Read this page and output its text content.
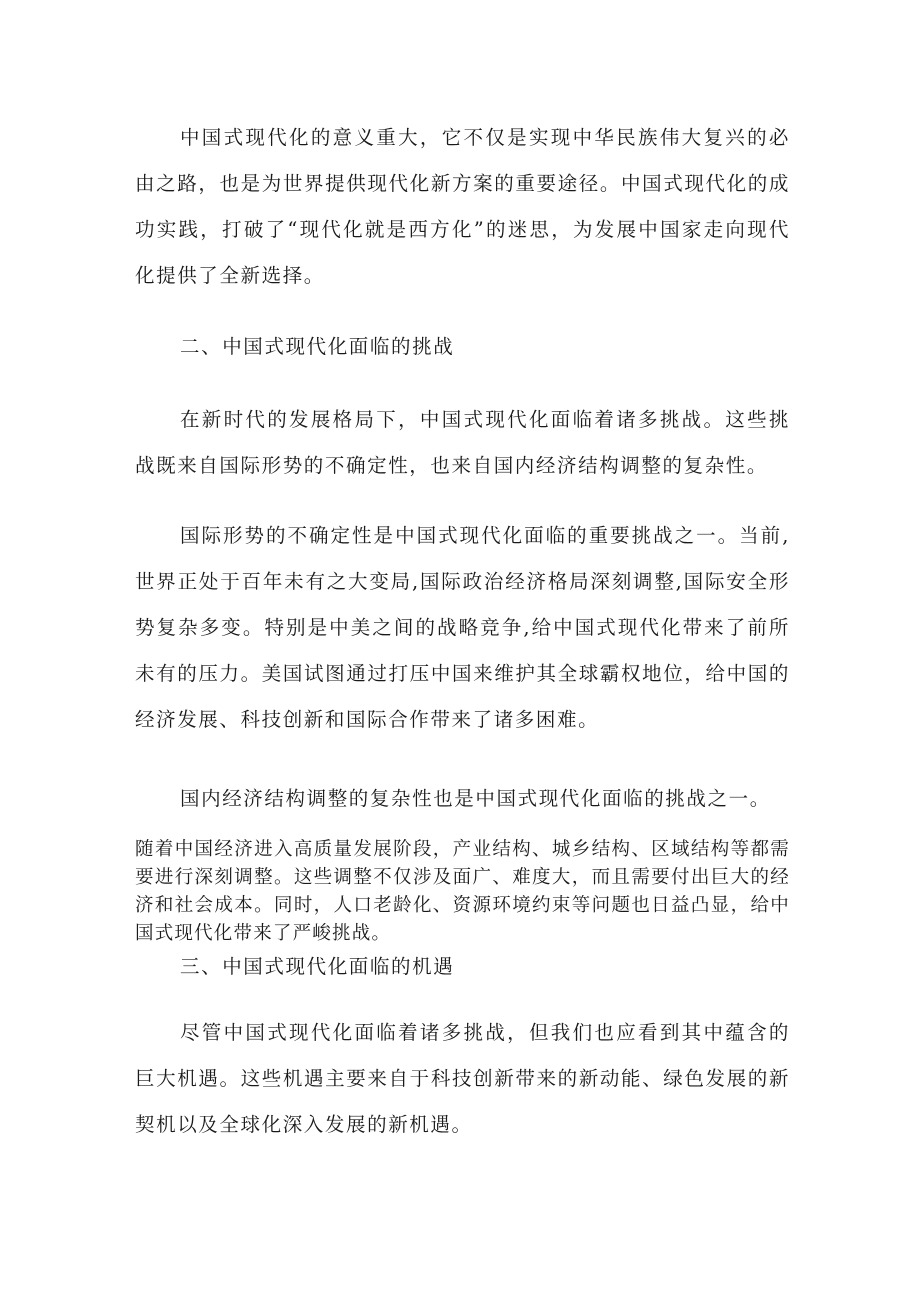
中国式现代化的意义重大，它不仅是实现中华民族伟大复兴的必由之路，也是为世界提供现代化新方案的重要途径。中国式现代化的成功实践，打破了“现代化就是西方化”的迷思，为发展中国家走向现代化提供了全新选择。

二、中国式现代化面临的挑战

在新时代的发展格局下，中国式现代化面临着诸多挑战。这些挑战既来自国际形势的不确定性，也来自国内经济结构调整的复杂性。

国际形势的不确定性是中国式现代化面临的重要挑战之一。当前,世界正处于百年未有之大变局,国际政治经济格局深刻调整,国际安全形势复杂多变。特别是中美之间的战略竞争,给中国式现代化带来了前所未有的压力。美国试图通过打压中国来维护其全球霸权地位，给中国的经济发展、科技创新和国际合作带来了诸多困难。

国内经济结构调整的复杂性也是中国式现代化面临的挑战之一。

随着中国经济进入高质量发展阶段，产业结构、城乡结构、区域结构等都需要进行深刻调整。这些调整不仅涉及面广、难度大，而且需要付出巨大的经济和社会成本。同时，人口老龄化、资源环境约束等问题也日益凸显，给中国式现代化带来了严峻挑战。

三、中国式现代化面临的机遇

尽管中国式现代化面临着诸多挑战，但我们也应看到其中蕴含的巨大机遇。这些机遇主要来自于科技创新带来的新动能、绿色发展的新契机以及全球化深入发展的新机遇。
